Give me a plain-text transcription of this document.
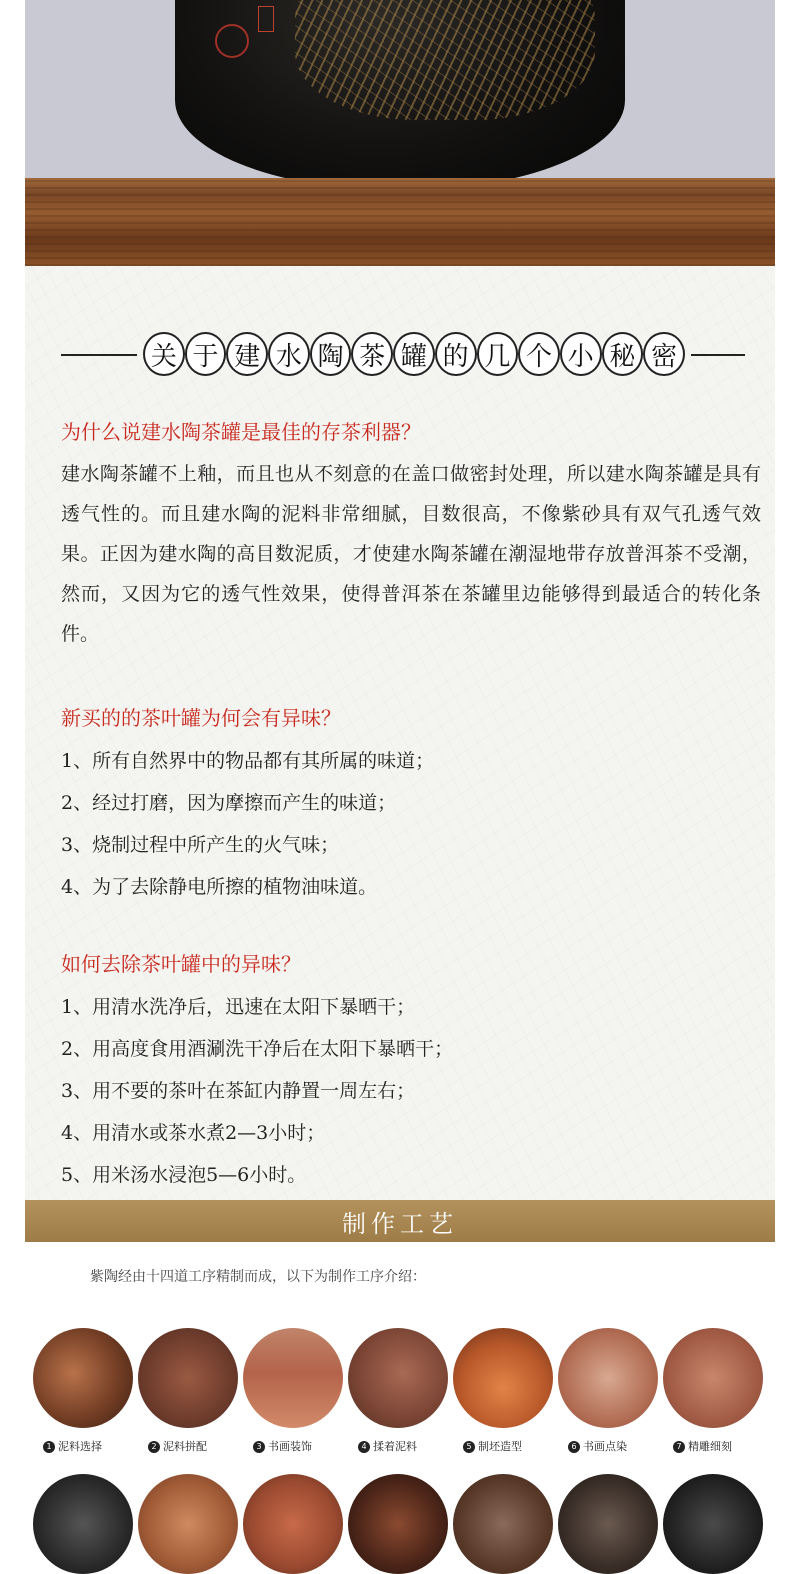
关 于 建 水 陶 茶 罐 的 几 个 小 秘 密
为什么说建水陶茶罐是最佳的存茶利器？

建水陶茶罐不上釉，而且也从不刻意的在盖口做密封处理，所以建水陶茶罐是具有透气性的。而且建水陶的泥料非常细腻，目数很高，不像紫砂具有双气孔透气效果。正因为建水陶的高目数泥质，才使建水陶茶罐在潮湿地带存放普洱茶不受潮，然而，又因为它的透气性效果，使得普洱茶在茶罐里边能够得到最适合的转化条件。

新买的的茶叶罐为何会有异味？
1、所有自然界中的物品都有其所属的味道；
2、经过打磨，因为摩擦而产生的味道；
3、烧制过程中所产生的火气味；
4、为了去除静电所擦的植物油味道。
如何去除茶叶罐中的异味？
1、用清水洗净后，迅速在太阳下暴晒干；
2、用高度食用酒涮洗干净后在太阳下暴晒干；
3、用不要的茶叶在茶缸内静置一周左右；
4、用清水或茶水煮2—3小时；
5、用米汤水浸泡5—6小时。
制作工艺
紫陶经由十四道工序精制而成，以下为制作工序介绍：
1 泥料选择	2 泥料拼配	3 书画装饰	4 揉着泥料	5 制坯造型	6 书画点染	7 精雕细刻
